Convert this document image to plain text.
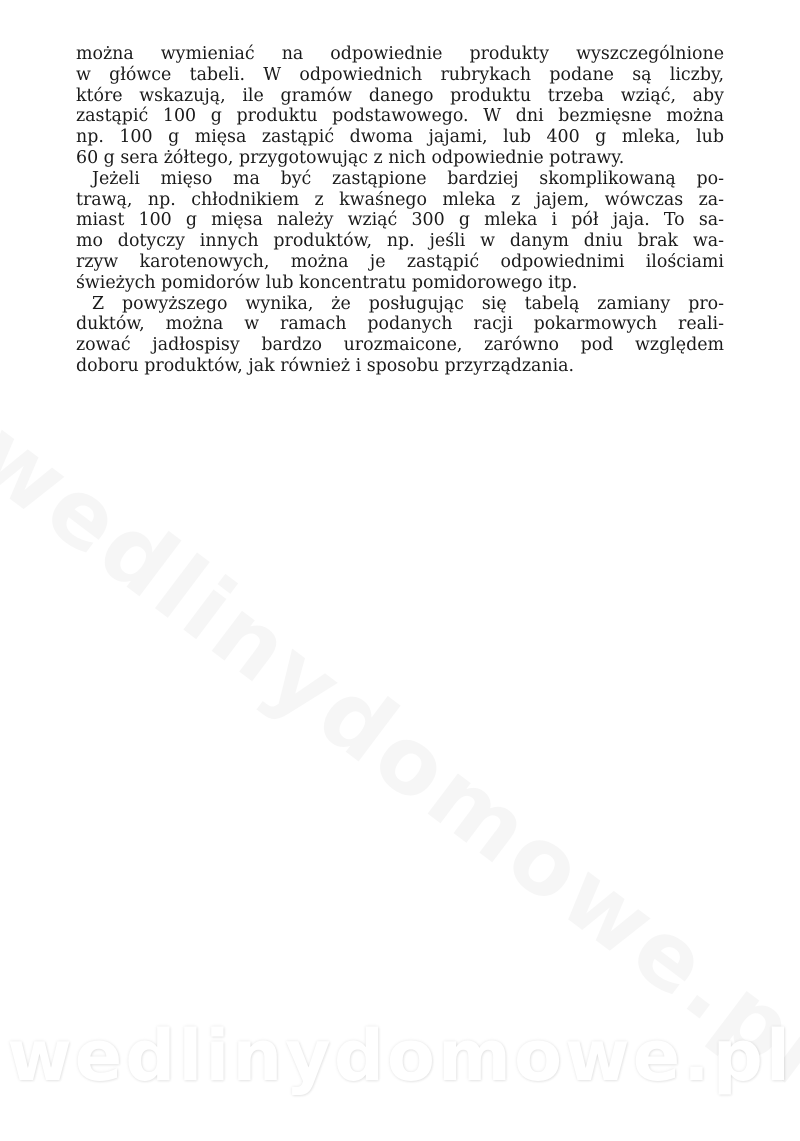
można wymieniać na odpowiednie produkty wyszczególnione
w główce tabeli. W odpowiednich rubrykach podane są liczby,
które wskazują, ile gramów danego produktu trzeba wziąć, aby
zastąpić 100 g produktu podstawowego. W dni bezmięsne można
np. 100 g mięsa zastąpić dwoma jajami, lub 400 g mleka, lub
60 g sera żółtego, przygotowując z nich odpowiednie potrawy.
Jeżeli mięso ma być zastąpione bardziej skomplikowaną po-
trawą, np. chłodnikiem z kwaśnego mleka z jajem, wówczas za-
miast 100 g mięsa należy wziąć 300 g mleka i pół jaja. To sa-
mo dotyczy innych produktów, np. jeśli w danym dniu brak wa-
rzyw karotenowych, można je zastąpić odpowiednimi ilościami
świeżych pomidorów lub koncentratu pomidorowego itp.
Z powyższego wynika, że posługując się tabelą zamiany pro-
duktów, można w ramach podanych racji pokarmowych reali-
zować jadłospisy bardzo urozmaicone, zarówno pod względem
doboru produktów, jak również i sposobu przyrządzania.
wedlinydomowe.pl
